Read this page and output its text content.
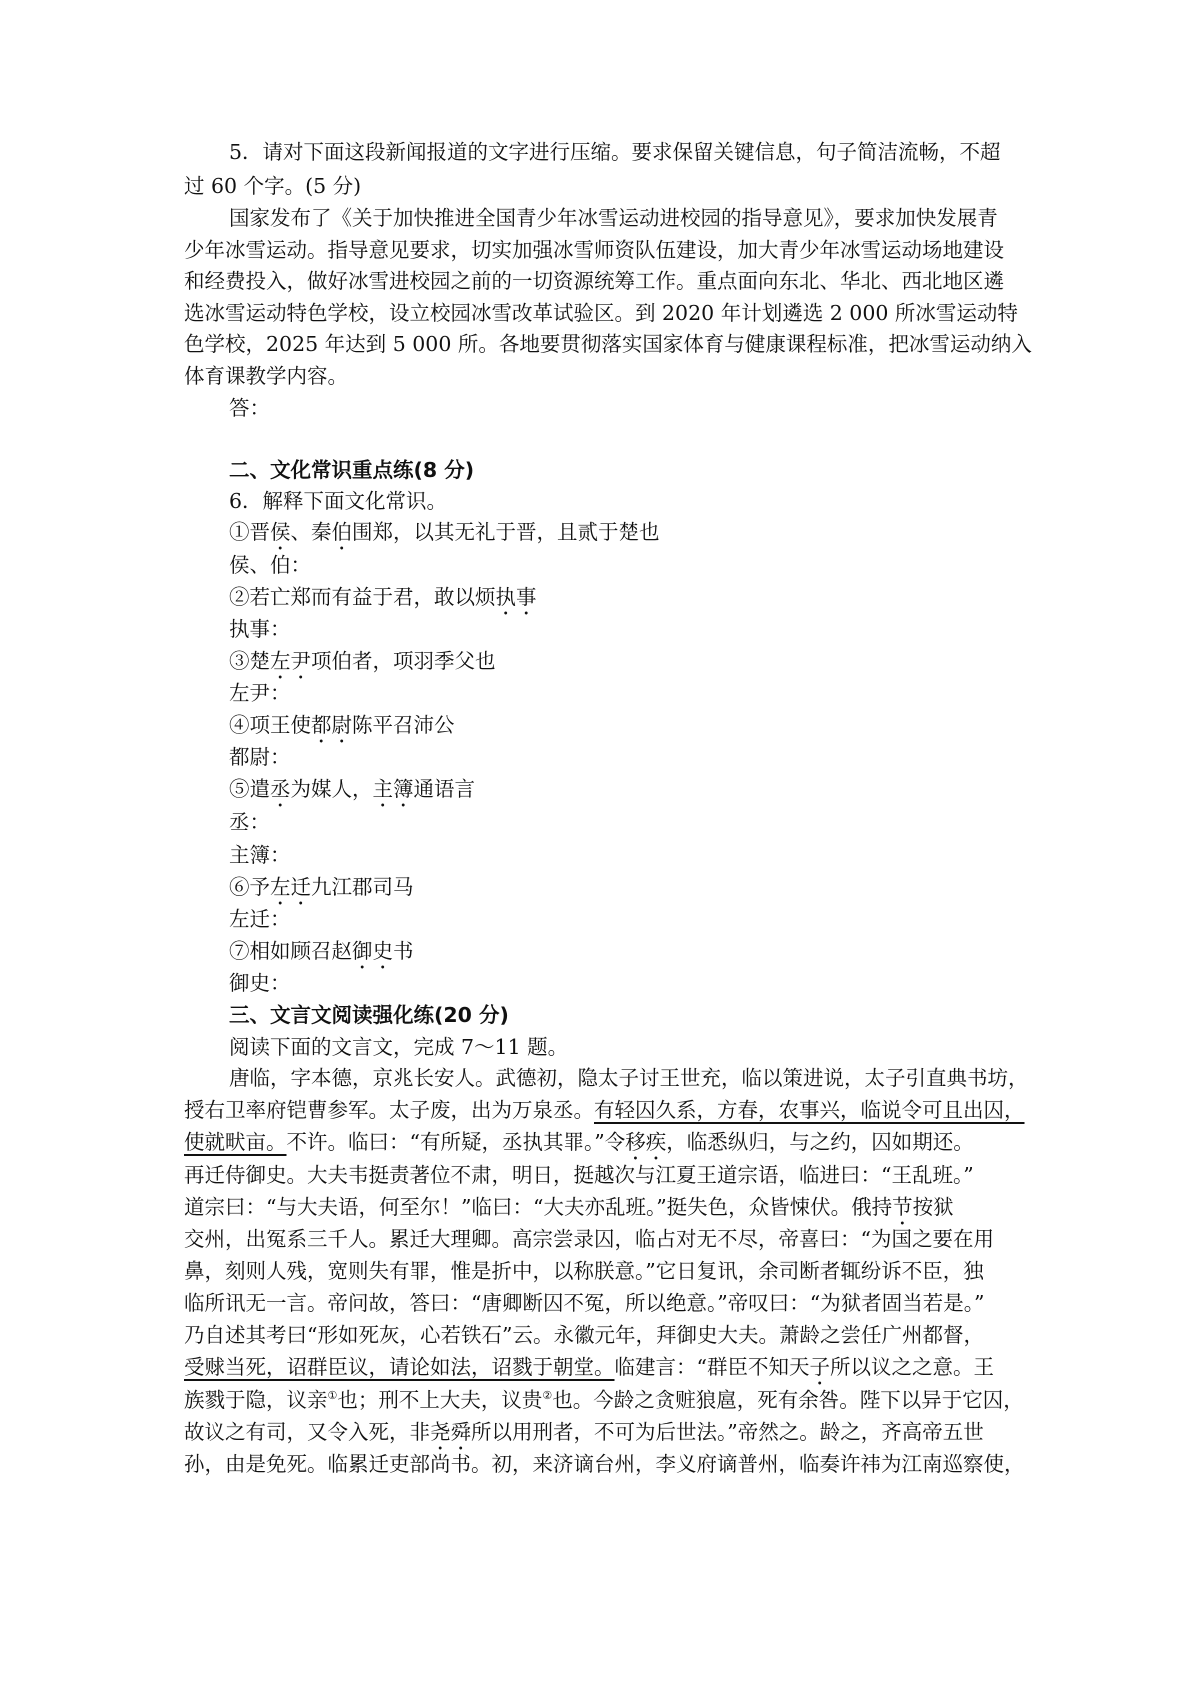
5．请对下面这段新闻报道的文字进行压缩。要求保留关键信息，句子简洁流畅，不超
过 60 个字。(5 分)
国家发布了《关于加快推进全国青少年冰雪运动进校园的指导意见》，要求加快发展青
少年冰雪运动。指导意见要求，切实加强冰雪师资队伍建设，加大青少年冰雪运动场地建设
和经费投入，做好冰雪进校园之前的一切资源统筹工作。重点面向东北、华北、西北地区遴
选冰雪运动特色学校，设立校园冰雪改革试验区。到 2020 年计划遴选 2 000 所冰雪运动特
色学校，2025 年达到 5 000 所。各地要贯彻落实国家体育与健康课程标准，把冰雪运动纳入
体育课教学内容。
答：
二、文化常识重点练(8 分)
6．解释下面文化常识。
①晋侯、秦伯围郑，以其无礼于晋，且贰于楚也
侯、伯：
②若亡郑而有益于君，敢以烦执事
执事：
③楚左尹项伯者，项羽季父也
左尹：
④项王使都尉陈平召沛公
都尉：
⑤遣丞为媒人，主簿通语言
丞：
主簿：
⑥予左迁九江郡司马
左迁：
⑦相如顾召赵御史书
御史：
三、文言文阅读强化练(20 分)
阅读下面的文言文，完成 7～11 题。
唐临，字本德，京兆长安人。武德初，隐太子讨王世充，临以策进说，太子引直典书坊，
授右卫率府铠曹参军。太子废，出为万泉丞。有轻囚久系，方春，农事兴，临说令可且出囚，
使就畎亩。不许。临曰：“有所疑，丞执其罪。”令移疾，临悉纵归，与之约，囚如期还。
再迁侍御史。大夫韦挺责著位不肃，明日，挺越次与江夏王道宗语，临进曰：“王乱班。”
道宗曰：“与大夫语，何至尔！”临曰：“大夫亦乱班。”挺失色，众皆悚伏。俄持节按狱
交州，出冤系三千人。累迁大理卿。高宗尝录囚，临占对无不尽，帝喜曰：“为国之要在用
鼻，刻则人残，宽则失有罪，惟是折中，以称朕意。”它日复讯，余司断者辄纷诉不臣，独
临所讯无一言。帝问故，答曰：“唐卿断囚不冤，所以绝意。”帝叹曰：“为狱者固当若是。”
乃自述其考曰“形如死灰，心若铁石”云。永徽元年，拜御史大夫。萧龄之尝任广州都督，
受赇当死，诏群臣议，请论如法，诏戮于朝堂。临建言：“群臣不知天子所以议之之意。王
族戮于隐，议亲①也；刑不上大夫，议贵②也。今龄之贪赃狼扈，死有余咎。陛下以异于它囚，
故议之有司，又令入死，非尧舜所以用刑者，不可为后世法。”帝然之。龄之，齐高帝五世
孙，由是免死。临累迁吏部尚书。初，来济谪台州，李义府谪普州，临奏许祎为江南巡察使，
